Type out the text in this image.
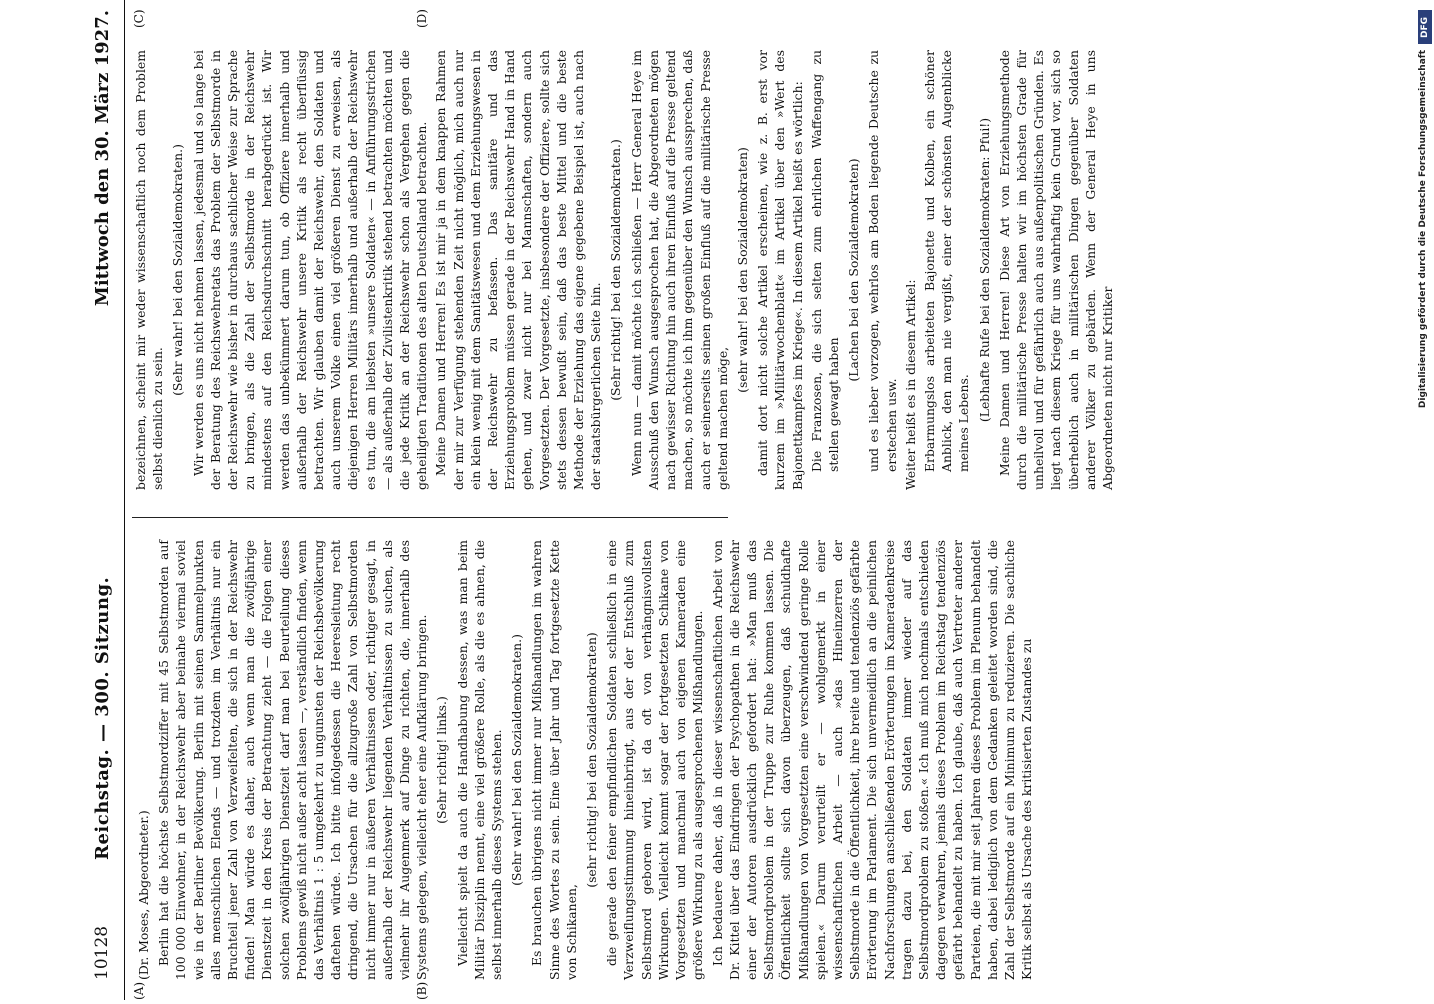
10128
Reichstag. — 300. Sitzung.
Mittwoch den 30. März 1927.
(A)	(B)
(C)	(D)

(Dr. Moses, Abgeordneter.) Berlin hat die höchste Selbstmordziffer mit 45 Selbstmorden auf 100 000 Einwohner, in der Reichswehr aber beinahe viermal soviel wie in der Berliner Bevölkerung. Berlin mit seinen Sammelpunkten alles menschlichen Elends — und trotzdem im Verhältnis nur ein Bruchteil jener Zahl von Verzweifelten, die sich in der Reichswehr finden! Man würde es daher, auch wenn man die zwölfjährige Dienstzeit in den Kreis der Betrachtung zieht — die Folgen einer solchen zwölfjährigen Dienstzeit darf man bei Beurteilung dieses Problems gewiß nicht außer acht lassen —, verständlich finden, wenn das Verhältnis 1 : 5 umgekehrt zu ungunsten der Reichsbevölkerung daftehen würde. Ich bitte infolgedessen die Heeresleitung recht dringend, die Ursachen für die allzugroße Zahl von Selbstmorden nicht immer nur in äußeren Verhältnissen oder, richtiger gesagt, in außerhalb der Reichswehr liegenden Verhältnissen zu suchen, als vielmehr ihr Augenmerk auf Dinge zu richten, die, innerhalb des Systems gelegen, vielleicht eher eine Aufklärung bringen. (Sehr richtig! links.) Vielleicht spielt da auch die Handhabung dessen, was man beim Militär Disziplin nennt, eine viel größere Rolle, als die es ahnen, die selbst innerhalb dieses Systems stehen. (Sehr wahr! bei den Sozialdemokraten.) Es brauchen übrigens nicht immer nur Mißhandlungen im wahren Sinne des Wortes zu sein. Eine über Jahr und Tag fortgesetzte Kette von Schikanen,

(sehr richtig! bei den Sozialdemokraten) die gerade den feiner empfindlichen Soldaten schließlich in eine Verzweiflungsstimmung hineinbringt, aus der der Entschluß zum Selbstmord geboren wird, ist da oft von verhängnisvollsten Wirkungen. Vielleicht kommt sogar der fortgesetzten Schikane von Vorgesetzten und manchmal auch von eigenen Kameraden eine größere Wirkung zu als ausgesprochenen Mißhandlungen. Ich bedauere daher, daß in dieser wissenschaftlichen Arbeit von Dr. Kittel über das Eindringen der Psychopathen in die Reichswehr einer der Autoren ausdrücklich gefordert hat: »Man muß das Selbstmordproblem in der Truppe zur Ruhe kommen lassen. Die Öffentlichkeit sollte sich davon überzeugen, daß schuldhafte Mißhandlungen von Vorgesetzten eine verschwindend geringe Rolle spielen.« Darum verurteilt er — wohlgemerkt in einer wissenschaftlichen Arbeit — auch »das Hineinzerren der Selbstmorde in die Öffentlichkeit, ihre breite und tendenziös gefärbte Erörterung im Parlament. Die sich unvermeidlich an die peinlichen Nachforschungen anschließenden Erörterungen im Kameradenkreise tragen dazu bei, den Soldaten immer wieder auf das Selbstmordproblem zu stoßen.« Ich muß mich nochmals entschieden dagegen verwahren, jemals dieses Problem im Reichstag tendenziös gefärbt behandelt zu haben. Ich glaube, daß auch Vertreter anderer Parteien, die mit mir seit Jahren dieses Problem im Plenum behandelt haben, dabei lediglich von dem Gedanken geleitet worden sind, die Zahl der Selbstmorde auf ein Minimum zu reduzieren. Die sachliche Kritik selbst als Ursache des kritisierten Zustandes zu

bezeichnen, scheint mir weder wissenschaftlich noch dem Problem selbst dienlich zu sein.

(Sehr wahr! bei den Sozialdemokraten.) Wir werden es uns nicht nehmen lassen, jedesmal und so lange bei der Beratung des Reichswehretats das Problem der Selbstmorde in der Reichswehr wie bisher in durchaus sachlicher Weise zur Sprache zu bringen, als die Zahl der Selbstmorde in der Reichswehr mindestens auf den Reichsdurchschnitt herabgedrückt ist. Wir werden das unbekümmert darum tun, ob Offiziere innerhalb und außerhalb der Reichswehr unsere Kritik als recht überflüssig betrachten. Wir glauben damit der Reichswehr, den Soldaten und auch unserem Volke einen viel größeren Dienst zu erweisen, als diejenigen Herren Militärs innerhalb und außerhalb der Reichswehr es tun, die am liebsten »unsere Soldaten« — in Anführungsstrichen — als außerhalb der Zivilistenkritik stehend betrachten möchten und die jede Kritik an der Reichswehr schon als Vergehen gegen die geheiligten Traditionen des alten Deutschland betrachten. Meine Damen und Herren! Es ist mir ja in dem knappen Rahmen der mir zur Verfügung stehenden Zeit nicht möglich, mich auch nur ein klein wenig mit dem Sanitätswesen und dem Erziehungswesen in der Reichswehr zu befassen. Das sanitäre und das Erziehungsproblem müssen gerade in der Reichswehr Hand in Hand gehen, und zwar nicht nur bei Mannschaften, sondern auch Vorgesetzten. Der Vorgesetzte, insbesondere der Offiziere, sollte sich stets dessen bewußt sein, daß das beste Mittel und die beste Methode der Erziehung das eigene gegebene Beispiel ist, auch nach der staatsbürgerlichen Seite hin. (Sehr richtig! bei den Sozialdemokraten.) Wenn nun — damit möchte ich schließen — Herr General Heye im Ausschuß den Wunsch ausgesprochen hat, die Abgeordneten mögen nach gewisser Richtung hin auch ihren Einfluß auf die Presse geltend machen, so möchte ich ihm gegenüber den Wunsch aussprechen, daß auch er seinerseits seinen großen Einfluß auf die militärische Presse geltend machen möge,

(sehr wahr! bei den Sozialdemokraten) damit dort nicht solche Artikel erscheinen, wie z. B. erst vor kurzem im »Militärwochenblatt« im Artikel über den »Wert des Bajonettkampfes im Kriege«. In diesem Artikel heißt es wörtlich: Die Franzosen, die sich selten zum ehrlichen Waffengang zu stellen gewagt haben

(Lachen bei den Sozialdemokraten) und es lieber vorzogen, wehrlos am Boden liegende Deutsche zu erstechen usw. Weiter heißt es in diesem Artikel: Erbarmungslos arbeiteten Bajonette und Kolben, ein schöner Anblick, den man nie vergißt, einer der schönsten Augenblicke meines Lebens.

(Lebhafte Rufe bei den Sozialdemokraten: Pfui!) Meine Damen und Herren! Diese Art von Erziehungsmethode durch die militärische Presse halten wir im höchsten Grade für unheilvoll und für gefährlich auch aus außenpolitischen Gründen. Es liegt nach diesem Kriege für uns wahrhaftig kein Grund vor, sich so überheblich auch in militärischen Dingen gegenüber Soldaten anderer Völker zu gebärden. Wenn der General Heye in uns Abgeordneten nicht nur Kritiker

DFG
Digitalisierung gefördert durch die Deutsche Forschungsgemeinschaft
